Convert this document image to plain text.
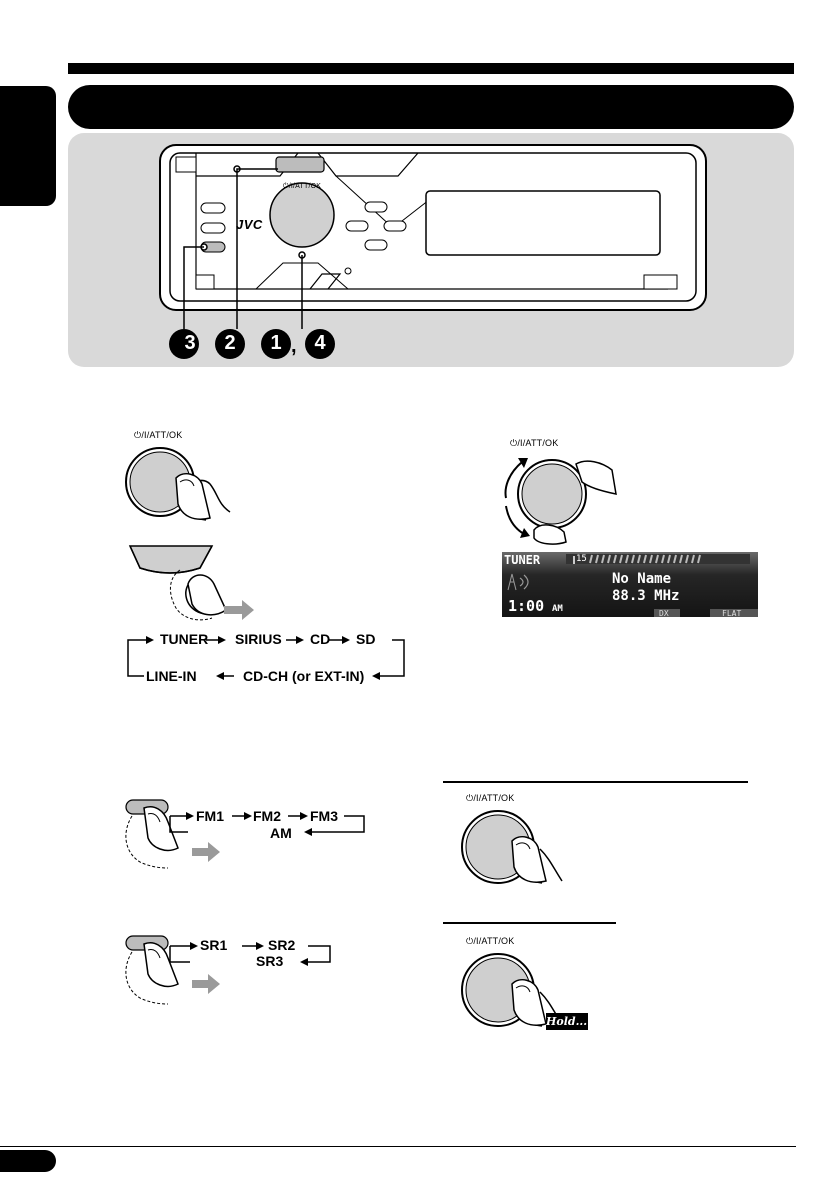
JVC
⏻/I/ATT/OK
3	2	1 , 4
⏻/I/ATT/OK
TUNER SIRIUS CD SD
LINE-IN	CD-CH (or EXT-IN)
⏻/I/ATT/OK
TUNER	15
No Name
88.3 MHz
1:00 AM	DX	FLAT
FM1 FM2 FM3
AM
SR1	SR2
SR3
⏻/I/ATT/OK
⏻/I/ATT/OK
Hold....
